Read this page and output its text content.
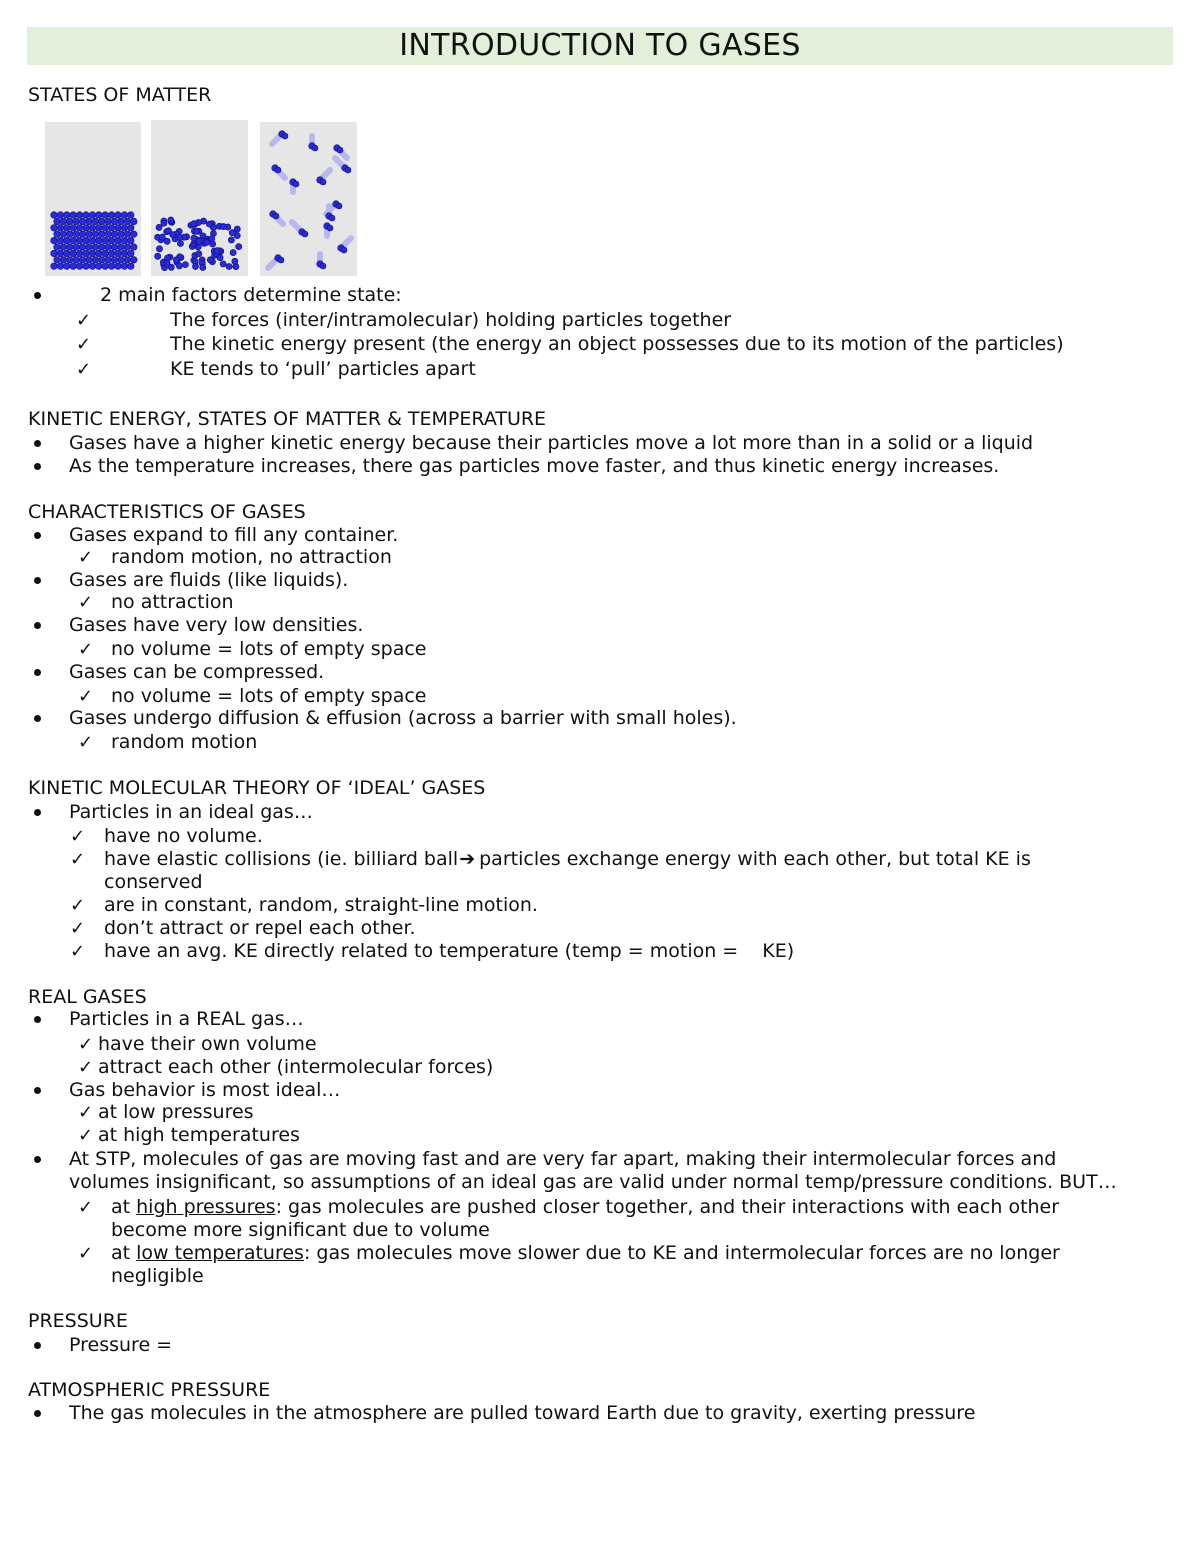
INTRODUCTION TO GASES
STATES OF MATTER
2 main factors determine state:
✓	The forces (inter/intramolecular) holding particles together
✓	The kinetic energy present (the energy an object possesses due to its motion of the particles)
✓	KE tends to ‘pull’ particles apart
KINETIC ENERGY, STATES OF MATTER & TEMPERATURE
Gases have a higher kinetic energy because their particles move a lot more than in a solid or a liquid
As the temperature increases, there gas particles move faster, and thus kinetic energy increases.
CHARACTERISTICS OF GASES
Gases expand to fill any container.
✓ random motion, no attraction
Gases are fluids (like liquids).
✓ no attraction
Gases have very low densities.
✓ no volume = lots of empty space
Gases can be compressed.
✓ no volume = lots of empty space
Gases undergo diffusion & effusion (across a barrier with small holes).
✓ random motion
KINETIC MOLECULAR THEORY OF ‘IDEAL’ GASES
Particles in an ideal gas…
✓ have no volume.
✓ have elastic collisions (ie. billiard ball➔ particles exchange energy with each other, but total KE is
conserved
✓ are in constant, random, straight-line motion.
✓ don’t attract or repel each other.
✓ have an avg. KE directly related to temperature (temp = motion = KE)
REAL GASES
Particles in a REAL gas…
✓ have their own volume
✓ attract each other (intermolecular forces)
Gas behavior is most ideal…
✓ at low pressures
✓ at high temperatures
At STP, molecules of gas are moving fast and are very far apart, making their intermolecular forces and
volumes insignificant, so assumptions of an ideal gas are valid under normal temp/pressure conditions. BUT…
✓ at high pressures: gas molecules are pushed closer together, and their interactions with each other
become more significant due to volume
✓ at low temperatures: gas molecules move slower due to KE and intermolecular forces are no longer
negligible
PRESSURE
Pressure =
ATMOSPHERIC PRESSURE
The gas molecules in the atmosphere are pulled toward Earth due to gravity, exerting pressure
